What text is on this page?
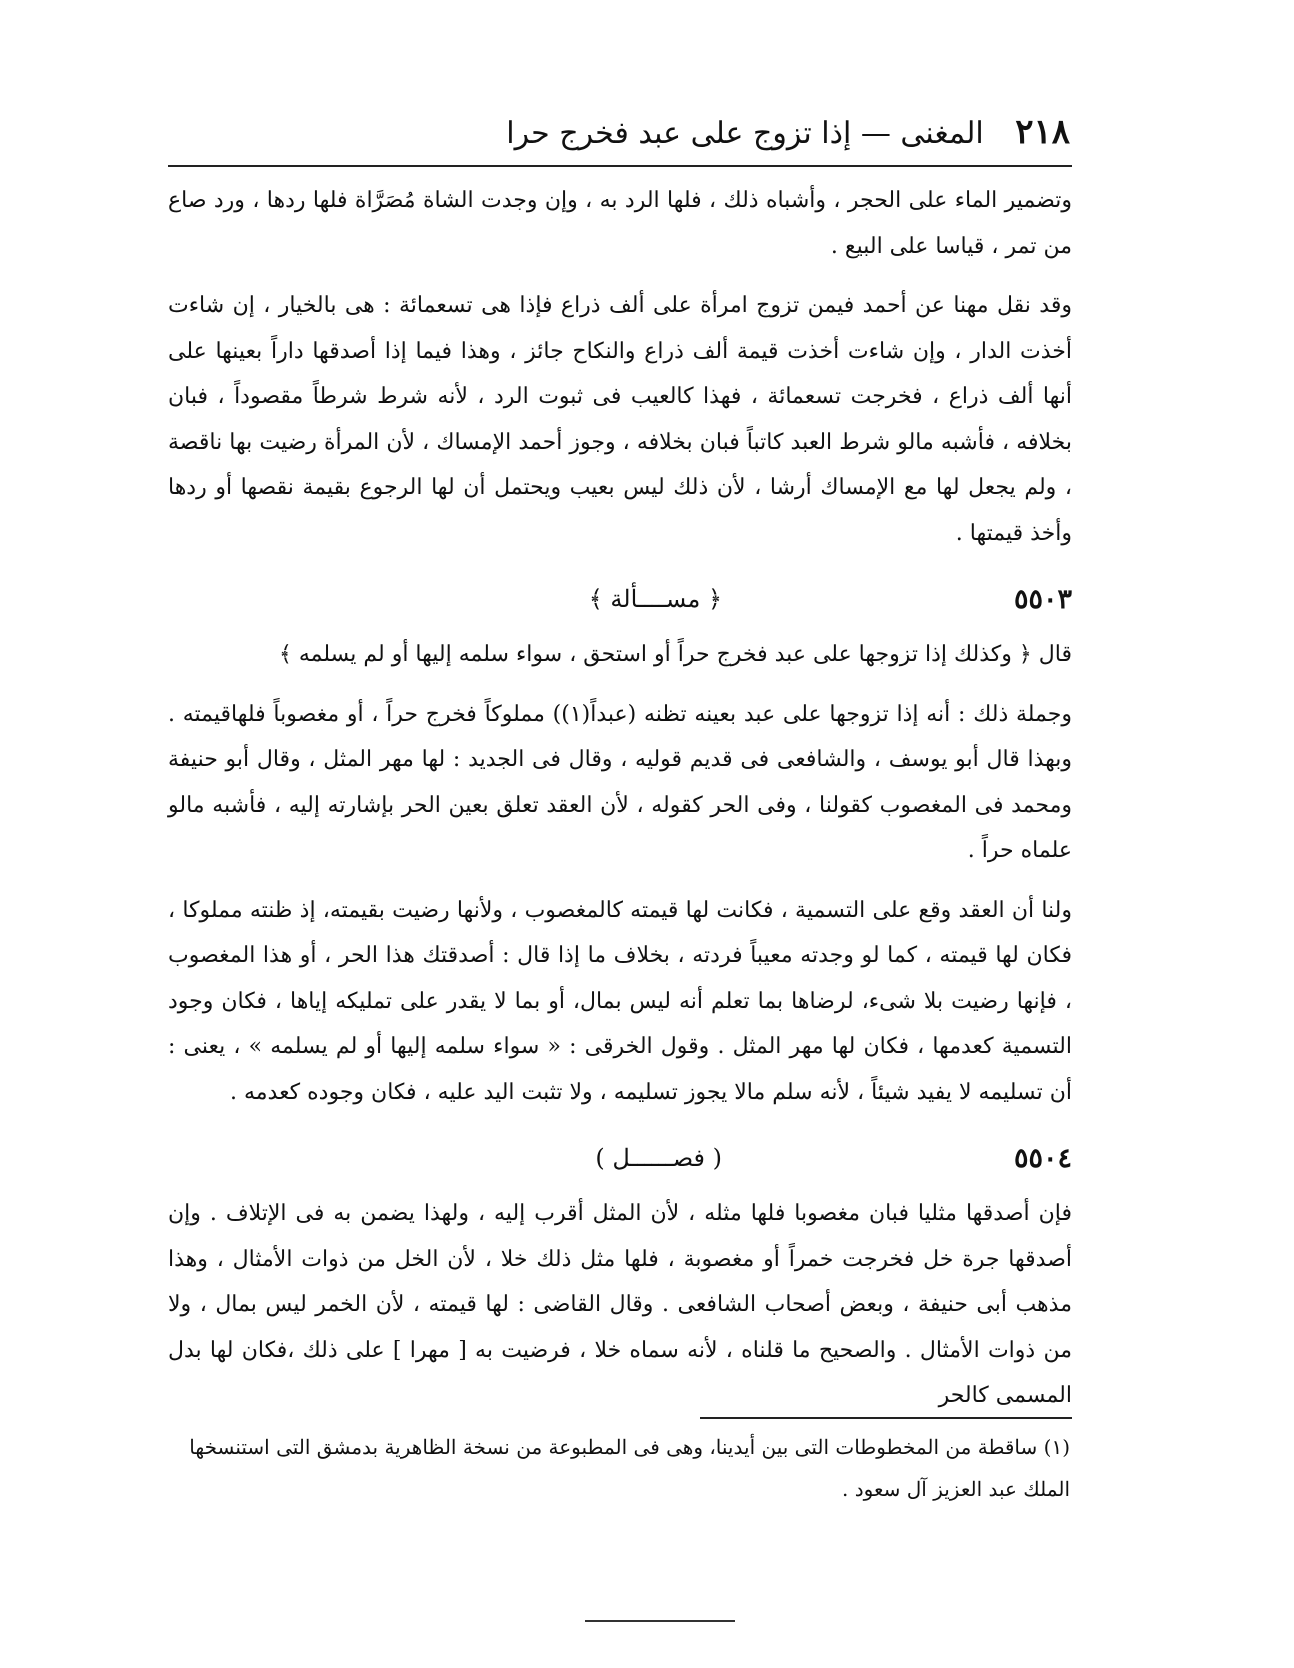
٢١٨
المغنى — إذا تزوج على عبد فخرج حرا

وتضمير الماء على الحجر ، وأشباه ذلك ، فلها الرد به ، وإن وجدت الشاة مُصَرَّاة فلها ردها ، ورد صاع من تمر ، قياسا على البيع .

وقد نقل مهنا عن أحمد فيمن تزوج امرأة على ألف ذراع فإذا هى تسعمائة : هى بالخيار ، إن شاءت أخذت الدار ، وإن شاءت أخذت قيمة ألف ذراع والنكاح جائز ، وهذا فيما إذا أصدقها داراً بعينها على أنها ألف ذراع ، فخرجت تسعمائة ، فهذا كالعيب فى ثبوت الرد ، لأنه شرط شرطاً مقصوداً ، فبان بخلافه ، فأشبه مالو شرط العبد كاتباً فبان بخلافه ، وجوز أحمد الإمساك ، لأن المرأة رضيت بها ناقصة ، ولم يجعل لها مع الإمساك أرشا ، لأن ذلك ليس بعيب ويحتمل أن لها الرجوع بقيمة نقصها أو ردها وأخذ قيمتها .

٥٥٠٣
﴿ مســــألة ﴾

قال ﴿ وكذلك إذا تزوجها على عبد فخرج حراً أو استحق ، سواء سلمه إليها أو لم يسلمه ﴾

وجملة ذلك : أنه إذا تزوجها على عبد بعينه تظنه (عبداً(١)) مملوكاً فخرج حراً ، أو مغصوباً فلهاقيمته . وبهذا قال أبو يوسف ، والشافعى فى قديم قوليه ، وقال فى الجديد : لها مهر المثل ، وقال أبو حنيفة ومحمد فى المغصوب كقولنا ، وفى الحر كقوله ، لأن العقد تعلق بعين الحر بإشارته إليه ، فأشبه مالو علماه حراً .

ولنا أن العقد وقع على التسمية ، فكانت لها قيمته كالمغصوب ، ولأنها رضيت بقيمته، إذ ظنته مملوكا ، فكان لها قيمته ، كما لو وجدته معيباً فردته ، بخلاف ما إذا قال : أصدقتك هذا الحر ، أو هذا المغصوب ، فإنها رضيت بلا شىء، لرضاها بما تعلم أنه ليس بمال، أو بما لا يقدر على تمليكه إياها ، فكان وجود التسمية كعدمها ، فكان لها مهر المثل . وقول الخرقى : « سواء سلمه إليها أو لم يسلمه » ، يعنى : أن تسليمه لا يفيد شيئاً ، لأنه سلم مالا يجوز تسليمه ، ولا تثبت اليد عليه ، فكان وجوده كعدمه .

٥٥٠٤
( فصــــــل )

فإن أصدقها مثليا فبان مغصوبا فلها مثله ، لأن المثل أقرب إليه ، ولهذا يضمن به فى الإتلاف . وإن أصدقها جرة خل فخرجت خمراً أو مغصوبة ، فلها مثل ذلك خلا ، لأن الخل من ذوات الأمثال ، وهذا مذهب أبى حنيفة ، وبعض أصحاب الشافعى . وقال القاضى : لها قيمته ، لأن الخمر ليس بمال ، ولا من ذوات الأمثال . والصحيح ما قلناه ، لأنه سماه خلا ، فرضيت به [ مهرا ] على ذلك ،فكان لها بدل المسمى كالحر

(١) ساقطة من المخطوطات التى بين أيدينا، وهى فى المطبوعة من نسخة الظاهرية بدمشق التى استنسخها الملك عبد العزيز آل سعود .
